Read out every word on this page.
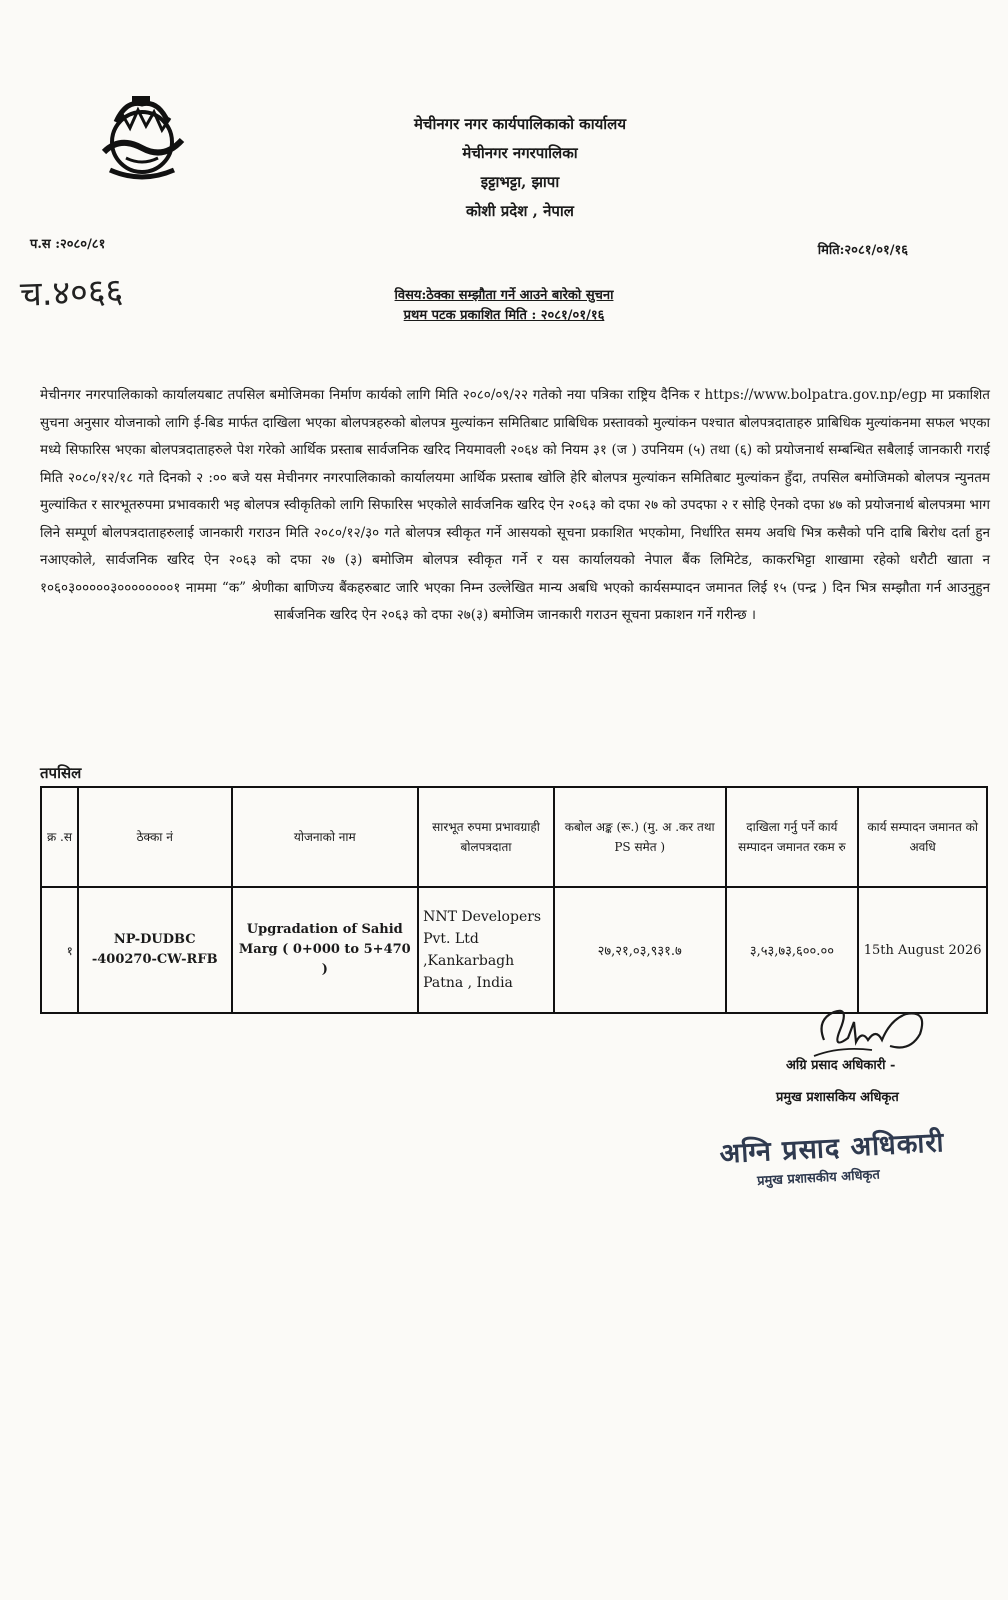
मेचीनगर नगर कार्यपालिकाको कार्यालय
मेचीनगर नगरपालिका
इट्टाभट्टा, झापा
कोशी प्रदेश , नेपाल
प.स :२०८०/८१	मिति:२०८१/०१/१६
च.४०६६	विसय:ठेक्का सम्झौता गर्ने आउने बारेको सुचना
प्रथम पटक प्रकाशित मिति : २०८१/०१/१६
मेचीनगर नगरपालिकाको कार्यालयबाट तपसिल बमोजिमका निर्माण कार्यको लागि मिति २०८०/०९/२२ गतेको नया पत्रिका राष्ट्रिय दैनिक र https://www.bolpatra.gov.np/egp मा प्रकाशित सुचना अनुसार योजनाको लागि ई-बिड मार्फत दाखिला भएका बोलपत्रहरुको बोलपत्र मुल्यांकन समितिबाट प्राबिधिक प्रस्तावको मुल्यांकन पश्चात बोलपत्रदाताहरु प्राबिधिक मुल्यांकनमा सफल भएका मध्ये सिफारिस भएका बोलपत्रदाताहरुले पेश गरेको आर्थिक प्रस्ताब सार्वजनिक खरिद नियमावली २०६४ को नियम ३१ (ज ) उपनियम (५) तथा (६) को प्रयोजनार्थ सम्बन्धित सबैलाई जानकारी गराई मिति २०८०/१२/१८ गते दिनको २ :०० बजे यस मेचीनगर नगरपालिकाको कार्यालयमा आर्थिक प्रस्ताब खोलि हेरि बोलपत्र मुल्यांकन समितिबाट मुल्यांकन हुँदा, तपसिल बमोजिमको बोलपत्र न्युनतम मुल्यांकित र सारभूतरुपमा प्रभावकारी भइ बोलपत्र स्वीकृतिको लागि सिफारिस भएकोले सार्वजनिक खरिद ऐन २०६३ को दफा २७ को उपदफा २ र सोहि ऐनको दफा ४७ को प्रयोजनार्थ बोलपत्रमा भाग लिने सम्पूर्ण बोलपत्रदाताहरुलाई जानकारी गराउन मिति २०८०/१२/३० गते बोलपत्र स्वीकृत गर्ने आसयको सूचना प्रकाशित भएकोमा, निर्धारित समय अवधि भित्र कसैको पनि दाबि बिरोध दर्ता हुन नआएकोले, सार्वजनिक खरिद ऐन २०६३ को दफा २७ (३) बमोजिम बोलपत्र स्वीकृत गर्ने र यस कार्यालयको नेपाल बैंक लिमिटेड, काकरभिट्टा शाखामा रहेको धरौटी खाता न १०६०३०००००३००००००००१ नाममा “क” श्रेणीका बाणिज्य बैंकहरुबाट जारि भएका निम्न उल्लेखित मान्य अबधि भएको कार्यसम्पादन जमानत लिई १५ (पन्द्र ) दिन भित्र सम्झौता गर्न आउनुहुन सार्बजनिक खरिद ऐन २०६३ को दफा २७(३) बमोजिम जानकारी गराउन सूचना प्रकाशन गर्ने गरीन्छ ।
तपसिल
क्र .स	ठेक्का नं	योजनाको नाम	सारभूत रुपमा प्रभावग्राही बोलपत्रदाता	कबोल अङ्क (रू.) (मु. अ .कर तथा PS समेत )	दाखिला गर्नु पर्ने कार्य सम्पादन जमानत रकम रु	कार्य सम्पादन जमानत को अवधि
१	NP-DUDBC -400270-CW-RFB	Upgradation of Sahid Marg ( 0+000 to 5+470 )	NNT Developers Pvt. Ltd ,Kankarbagh Patna , India	२७,२१,०३,९३१.७	३,५३,७३,६००.००	15th August 2026
अग्रि प्रसाद अधिकारी -
प्रमुख प्रशासकिय अधिकृत
अग्नि प्रसाद अधिकारी
प्रमुख प्रशासकीय अधिकृत
